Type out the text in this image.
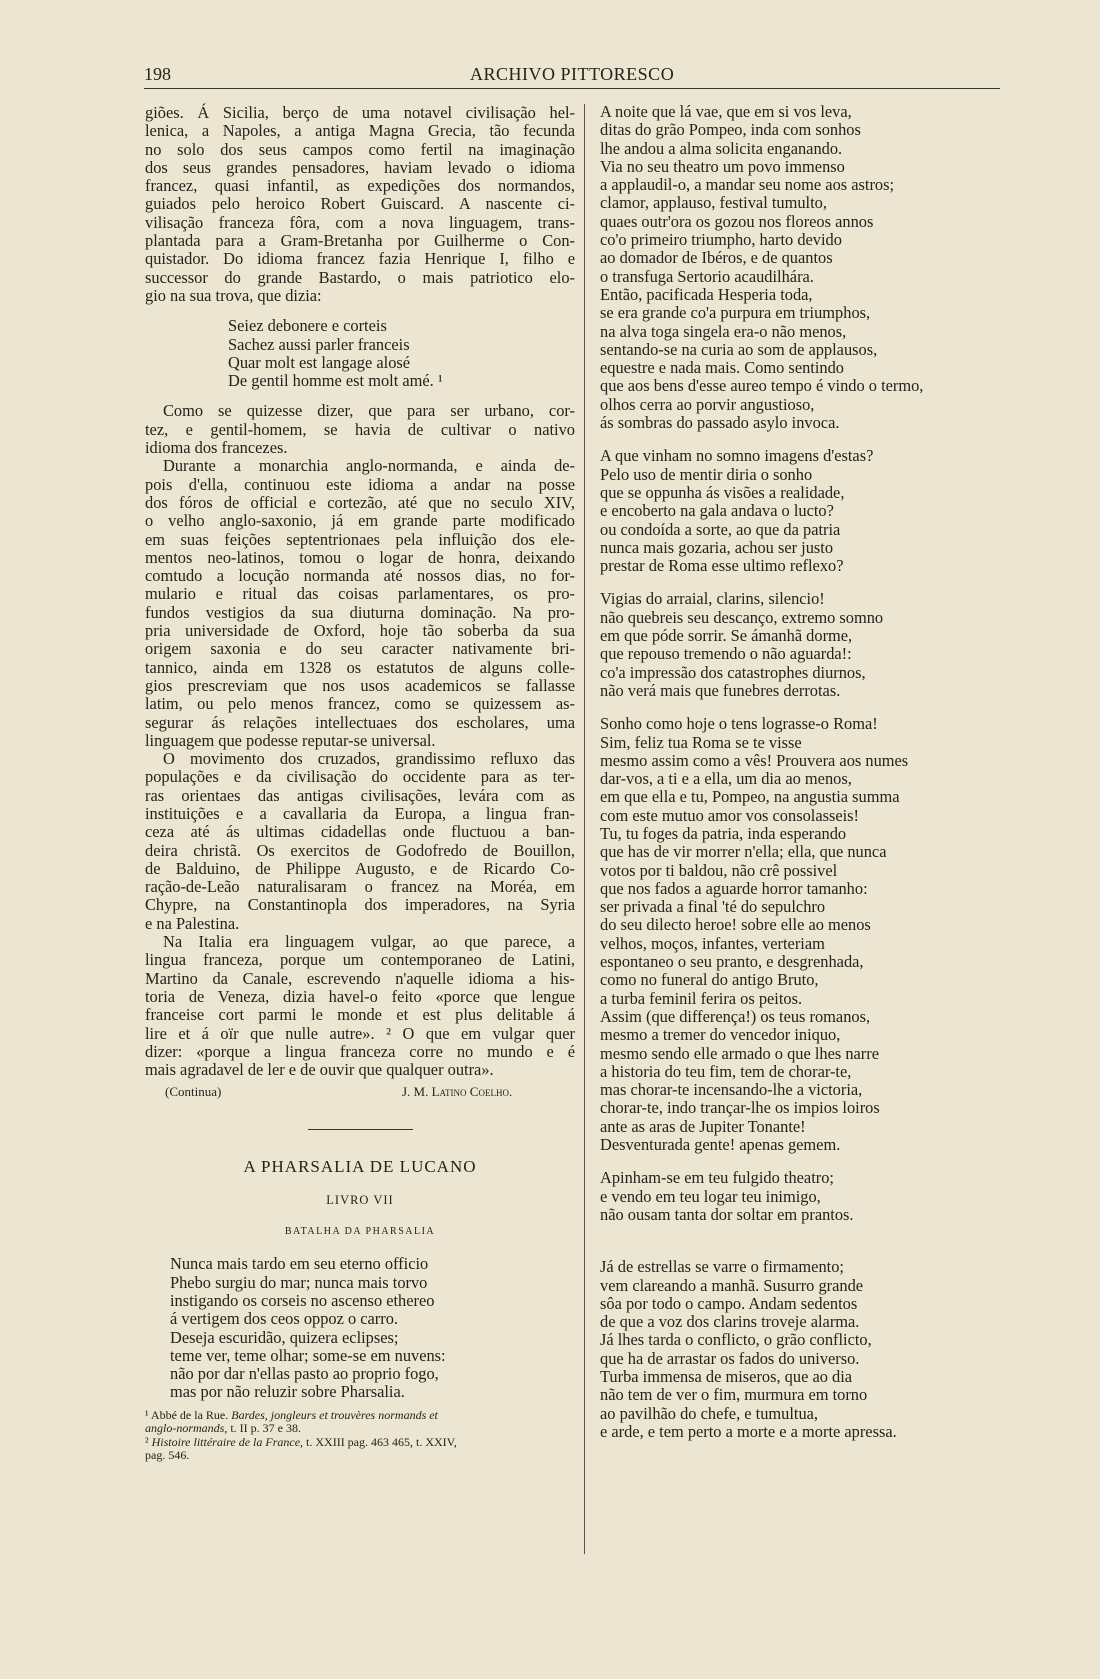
198	ARCHIVO PITTORESCO

giões. Á Sicilia, berço de uma notavel civilisação hel-

lenica, a Napoles, a antiga Magna Grecia, tão fecunda

no solo dos seus campos como fertil na imaginação

dos seus grandes pensadores, haviam levado o idioma

francez, quasi infantil, as expedições dos normandos,

guiados pelo heroico Robert Guiscard. A nascente ci-

vilisação franceza fôra, com a nova linguagem, trans-

plantada para a Gram-Bretanha por Guilherme o Con-

quistador. Do idioma francez fazia Henrique I, filho e

successor do grande Bastardo, o mais patriotico elo-

gio na sua trova, que dizia:

Seiez debonere e corteis

Sachez aussi parler franceis

Quar molt est langage alosé

De gentil homme est molt amé. ¹

Como se quizesse dizer, que para ser urbano, cor-

tez, e gentil-homem, se havia de cultivar o nativo

idioma dos francezes.

Durante a monarchia anglo-normanda, e ainda de-

pois d'ella, continuou este idioma a andar na posse

dos fóros de official e cortezão, até que no seculo XIV,

o velho anglo-saxonio, já em grande parte modificado

em suas feições septentrionaes pela influição dos ele-

mentos neo-latinos, tomou o logar de honra, deixando

comtudo a locução normanda até nossos dias, no for-

mulario e ritual das coisas parlamentares, os pro-

fundos vestigios da sua diuturna dominação. Na pro-

pria universidade de Oxford, hoje tão soberba da sua

origem saxonia e do seu caracter nativamente bri-

tannico, ainda em 1328 os estatutos de alguns colle-

gios prescreviam que nos usos academicos se fallasse

latim, ou pelo menos francez, como se quizessem as-

segurar ás relações intellectuaes dos escholares, uma

linguagem que podesse reputar-se universal.

O movimento dos cruzados, grandissimo refluxo das

populações e da civilisação do occidente para as ter-

ras orientaes das antigas civilisações, levára com as

instituições e a cavallaria da Europa, a lingua fran-

ceza até ás ultimas cidadellas onde fluctuou a ban-

deira christã. Os exercitos de Godofredo de Bouillon,

de Balduino, de Philippe Augusto, e de Ricardo Co-

ração-de-Leão naturalisaram o francez na Moréa, em

Chypre, na Constantinopla dos imperadores, na Syria

e na Palestina.

Na Italia era linguagem vulgar, ao que parece, a

lingua franceza, porque um contemporaneo de Latini,

Martino da Canale, escrevendo n'aquelle idioma a his-

toria de Veneza, dizia havel-o feito «porce que lengue

franceise cort parmi le monde et est plus delitable á

lire et á oïr que nulle autre». ² O que em vulgar quer

dizer: «porque a lingua franceza corre no mundo e é

mais agradavel de ler e de ouvir que qualquer outra».

(Continua)	J. M. Latino Coelho.
A PHARSALIA DE LUCANO
LIVRO VII
BATALHA DA PHARSALIA

Nunca mais tardo em seu eterno officio

Phebo surgiu do mar; nunca mais torvo

instigando os corseis no ascenso ethereo

á vertigem dos ceos oppoz o carro.

Deseja escuridão, quizera eclipses;

teme ver, teme olhar; some-se em nuvens:

não por dar n'ellas pasto ao proprio fogo,

mas por não reluzir sobre Pharsalia.

¹ Abbé de la Rue. Bardes, jongleurs et trouvères normands et

anglo-normands, t. II p. 37 e 38.

² Histoire littéraire de la France, t. XXIII pag. 463 465, t. XXIV,

pag. 546.

A noite que lá vae, que em si vos leva,

ditas do grão Pompeo, inda com sonhos

lhe andou a alma solicita enganando.

Via no seu theatro um povo immenso

a applaudil-o, a mandar seu nome aos astros;

clamor, applauso, festival tumulto,

quaes outr'ora os gozou nos floreos annos

co'o primeiro triumpho, harto devido

ao domador de Ibéros, e de quantos

o transfuga Sertorio acaudilhára.

Então, pacificada Hesperia toda,

se era grande co'a purpura em triumphos,

na alva toga singela era-o não menos,

sentando-se na curia ao som de applausos,

equestre e nada mais. Como sentindo

que aos bens d'esse aureo tempo é vindo o termo,

olhos cerra ao porvir angustioso,

ás sombras do passado asylo invoca.

A que vinham no somno imagens d'estas?

Pelo uso de mentir diria o sonho

que se oppunha ás visões a realidade,

e encoberto na gala andava o lucto?

ou condoída a sorte, ao que da patria

nunca mais gozaria, achou ser justo

prestar de Roma esse ultimo reflexo?

Vigias do arraial, clarins, silencio!

não quebreis seu descanço, extremo somno

em que póde sorrir. Se ámanhã dorme,

que repouso tremendo o não aguarda!:

co'a impressão dos catastrophes diurnos,

não verá mais que funebres derrotas.

Sonho como hoje o tens lograsse-o Roma!

Sim, feliz tua Roma se te visse

mesmo assim como a vês! Prouvera aos numes

dar-vos, a ti e a ella, um dia ao menos,

em que ella e tu, Pompeo, na angustia summa

com este mutuo amor vos consolasseis!

Tu, tu foges da patria, inda esperando

que has de vir morrer n'ella; ella, que nunca

votos por ti baldou, não crê possivel

que nos fados a aguarde horror tamanho:

ser privada a final 'té do sepulchro

do seu dilecto heroe! sobre elle ao menos

velhos, moços, infantes, verteriam

espontaneo o seu pranto, e desgrenhada,

como no funeral do antigo Bruto,

a turba feminil ferira os peitos.

Assim (que differença!) os teus romanos,

mesmo a tremer do vencedor iniquo,

mesmo sendo elle armado o que lhes narre

a historia do teu fim, tem de chorar-te,

mas chorar-te incensando-lhe a victoria,

chorar-te, indo trançar-lhe os impios loiros

ante as aras de Jupiter Tonante!

Desventurada gente! apenas gemem.

Apinham-se em teu fulgido theatro;

e vendo em teu logar teu inimigo,

não ousam tanta dor soltar em prantos.

Já de estrellas se varre o firmamento;

vem clareando a manhã. Susurro grande

sôa por todo o campo. Andam sedentos

de que a voz dos clarins troveje alarma.

Já lhes tarda o conflicto, o grão conflicto,

que ha de arrastar os fados do universo.

Turba immensa de miseros, que ao dia

não tem de ver o fim, murmura em torno

ao pavilhão do chefe, e tumultua,

e arde, e tem perto a morte e a morte apressa.
